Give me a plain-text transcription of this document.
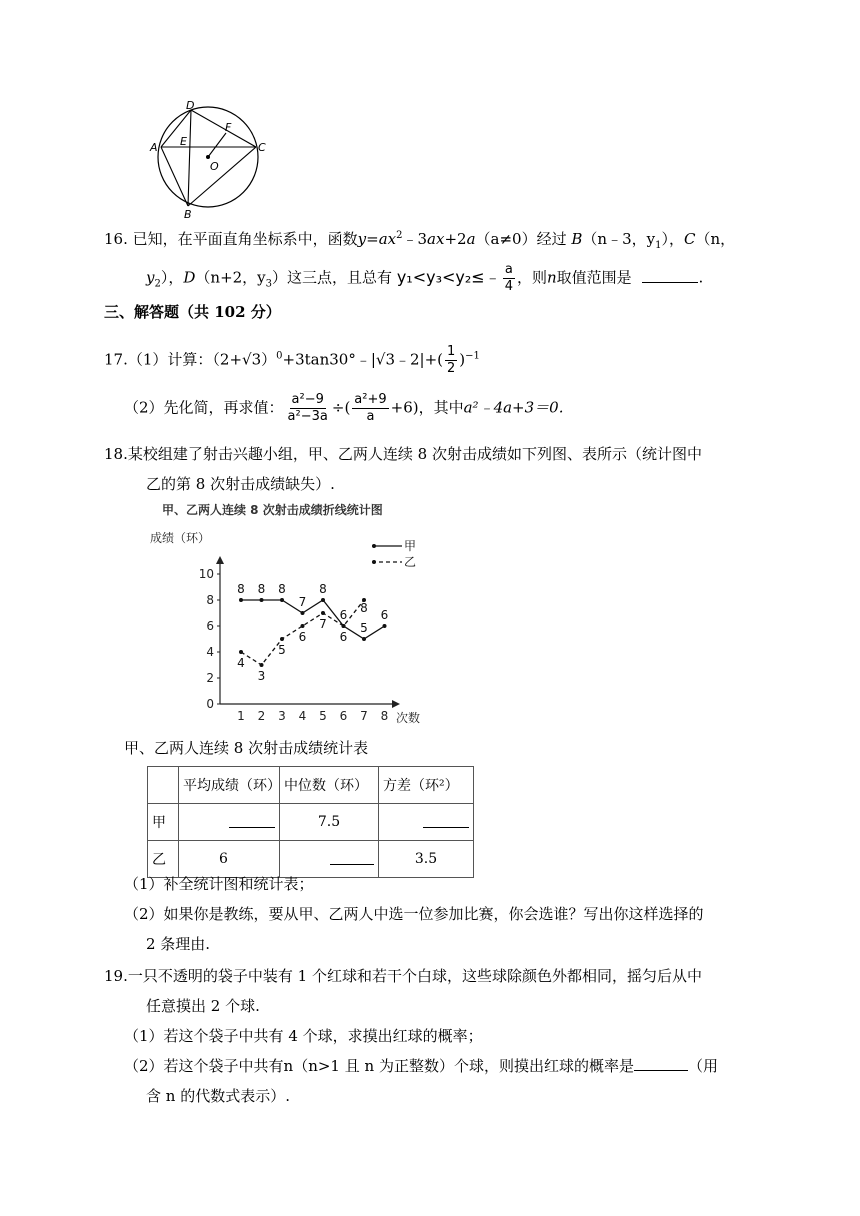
D
A E
F
C
O
B
16. 已知，在平面直角坐标系中，函数$y=ax^2﹣3ax+2a(a\ne 0)$经过 B（n﹣3，$y_1$），C（n，
$y_2$），D（n+2，$y_3$）这三点，且总有 y₁<y₃<y₂≤﹣ $\frac{a}{4}$ ，则n取值范围是	.
三、解答题（共 102 分）
17.（1）计算：$(2+√3)^0+3\tan 30^\circ﹣|√3﹣2|+( \frac{1}{2} )^{-1}$
（2）先化简，再求值： $\frac{\text{a²−9}}{\text{a²−3a}}$ ÷( $\frac{\text{a²+9}}{a} +6$)，其中a²﹣4a+3＝0.
18.某校组建了射击兴趣小组，甲、乙两人连续 8 次射击成绩如下列图、表所示（统计图中
乙的第 8 次射击成绩缺失）.
甲、乙两人连续 8 次射击成绩折线统计图
成绩（环）
次数
0
2
4
6
8
10
1 2 3 4 5 6 7 8
8 8 8
7
8
6
5
6
4
3
5
6
7
6
8
甲
乙
甲、乙两人连续 8 次射击成绩统计表
	平均成绩（环）	中位数（环）	方差（环²）
甲		7.5	
乙	6		3.5
（1）补全统计图和统计表；
（2）如果你是教练，要从甲、乙两人中选一位参加比赛，你会选谁？写出你这样选择的
2 条理由.
19.一只不透明的袋子中装有 1 个红球和若干个白球，这些球除颜色外都相同，摇匀后从中
任意摸出 2 个球.
（1）若这个袋子中共有 4 个球，求摸出红球的概率；
（2）若这个袋子中共有n（n>1 且 n 为正整数）个球，则摸出红球的概率是	（用
含 n 的代数式表示）.
